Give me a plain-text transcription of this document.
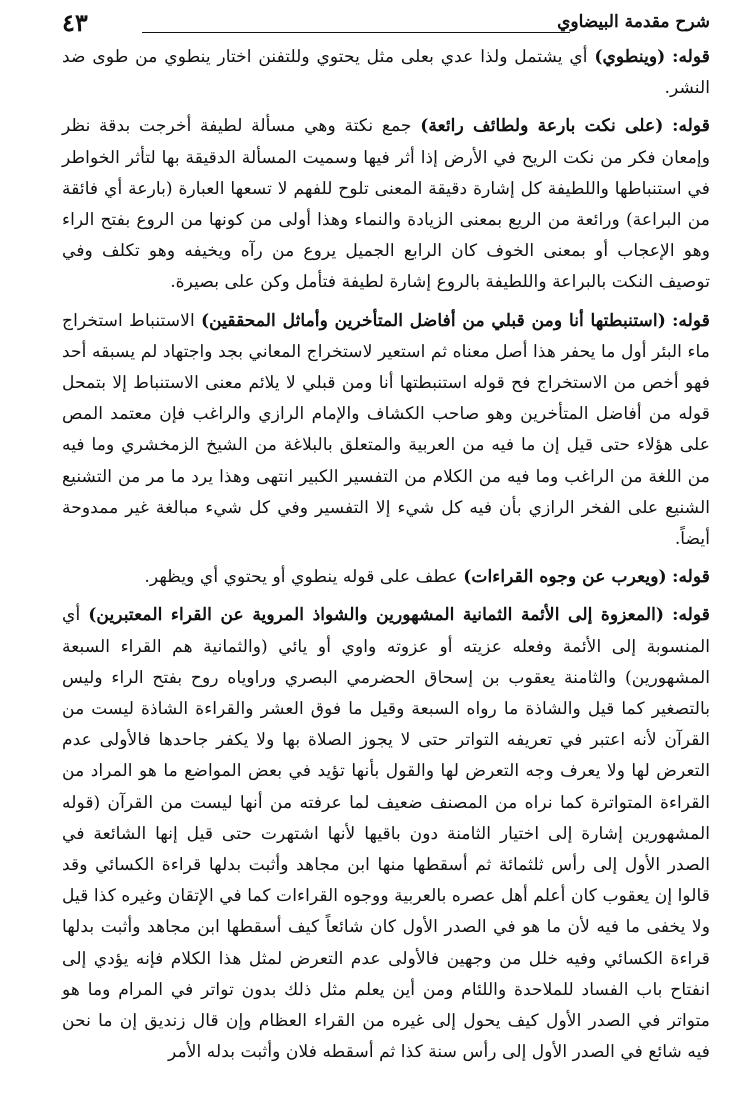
شرح مقدمة البيضاوي
٤٣

قوله: (وينطوي) أي يشتمل ولذا عدي بعلى مثل يحتوي وللتفنن اختار ينطوي من طوى ضد النشر.

قوله: (على نكت بارعة ولطائف رائعة) جمع نكتة وهي مسألة لطيفة أخرجت بدقة نظر وإمعان فكر من نكت الريح في الأرض إذا أثر فيها وسميت المسألة الدقيقة بها لتأثر الخواطر في استنباطها واللطيفة كل إشارة دقيقة المعنى تلوح للفهم لا تسعها العبارة (بارعة أي فائقة من البراعة) ورائعة من الريع بمعنى الزيادة والنماء وهذا أولى من كونها من الروع بفتح الراء وهو الإعجاب أو بمعنى الخوف كان الرابع الجميل يروع من رآه ويخيفه وهو تكلف وفي توصيف النكت بالبراعة واللطيفة بالروع إشارة لطيفة فتأمل وكن على بصيرة.

قوله: (استنبطتها أنا ومن قبلي من أفاضل المتأخرين وأماثل المحققين) الاستنباط استخراج ماء البئر أول ما يحفر هذا أصل معناه ثم استعير لاستخراج المعاني بجد واجتهاد لم يسبقه أحد فهو أخص من الاستخراج فح قوله استنبطتها أنا ومن قبلي لا يلائم معنى الاستنباط إلا بتمحل قوله من أفاضل المتأخرين وهو صاحب الكشاف والإمام الرازي والراغب فإن معتمد المص على هؤلاء حتى قيل إن ما فيه من العربية والمتعلق بالبلاغة من الشيخ الزمخشري وما فيه من اللغة من الراغب وما فيه من الكلام من التفسير الكبير انتهى وهذا يرد ما مر من التشنيع الشنيع على الفخر الرازي بأن فيه كل شيء إلا التفسير وفي كل شيء مبالغة غير ممدوحة أيضاً.

قوله: (ويعرب عن وجوه القراءات) عطف على قوله ينطوي أو يحتوي أي ويظهر.

قوله: (المعزوة إلى الأئمة الثمانية المشهورين والشواذ المروية عن القراء المعتبرين) أي المنسوبة إلى الأئمة وفعله عزيته أو عزوته واوي أو يائي (والثمانية هم القراء السبعة المشهورين) والثامنة يعقوب بن إسحاق الحضرمي البصري وراوياه روح بفتح الراء وليس بالتصغير كما قيل والشاذة ما رواه السبعة وقيل ما فوق العشر والقراءة الشاذة ليست من القرآن لأنه اعتبر في تعريفه التواتر حتى لا يجوز الصلاة بها ولا يكفر جاحدها فالأولى عدم التعرض لها ولا يعرف وجه التعرض لها والقول بأنها تؤيد في بعض المواضع ما هو المراد من القراءة المتواترة كما نراه من المصنف ضعيف لما عرفته من أنها ليست من القرآن (قوله المشهورين إشارة إلى اختيار الثامنة دون باقيها لأنها اشتهرت حتى قيل إنها الشائعة في الصدر الأول إلى رأس ثلثمائة ثم أسقطها منها ابن مجاهد وأثبت بدلها قراءة الكسائي وقد قالوا إن يعقوب كان أعلم أهل عصره بالعربية ووجوه القراءات كما في الإتقان وغيره كذا قيل ولا يخفى ما فيه لأن ما هو في الصدر الأول كان شائعاً كيف أسقطها ابن مجاهد وأثبت بدلها قراءة الكسائي وفيه خلل من وجهين فالأولى عدم التعرض لمثل هذا الكلام فإنه يؤدي إلى انفتاح باب الفساد للملاحدة واللئام ومن أين يعلم مثل ذلك بدون تواتر في المرام وما هو متواتر في الصدر الأول كيف يحول إلى غيره من القراء العظام وإن قال زنديق إن ما نحن فيه شائع في الصدر الأول إلى رأس سنة كذا ثم أسقطه فلان وأثبت بدله الأمر
